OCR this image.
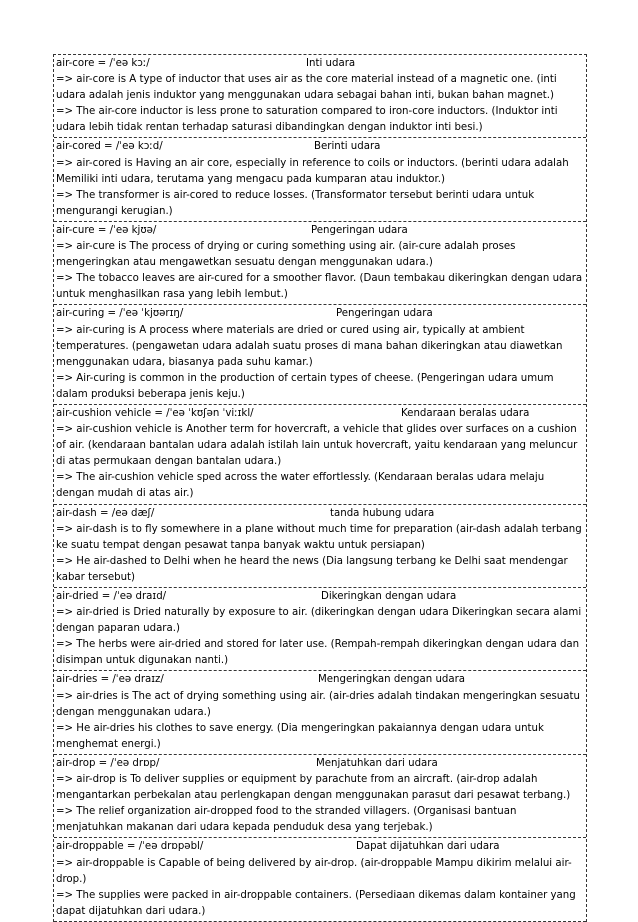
air-core = /ˈeə kɔː/	Inti udara
=> air-core is A type of inductor that uses air as the core material instead of a magnetic one. (inti udara adalah jenis induktor yang menggunakan udara sebagai bahan inti, bukan bahan magnet.)
=> The air-core inductor is less prone to saturation compared to iron-core inductors. (Induktor inti udara lebih tidak rentan terhadap saturasi dibandingkan dengan induktor inti besi.)
air-cored = /ˈeə kɔːd/	Berinti udara
=> air-cored is Having an air core, especially in reference to coils or inductors. (berinti udara adalah Memiliki inti udara, terutama yang mengacu pada kumparan atau induktor.)
=> The transformer is air-cored to reduce losses. (Transformator tersebut berinti udara untuk mengurangi kerugian.)
air-cure = /ˈeə kjʊə/	Pengeringan udara
=> air-cure is The process of drying or curing something using air. (air-cure adalah proses mengeringkan atau mengawetkan sesuatu dengan menggunakan udara.)
=> The tobacco leaves are air-cured for a smoother flavor. (Daun tembakau dikeringkan dengan udara untuk menghasilkan rasa yang lebih lembut.)
air-curing = /ˈeə ˈkjʊərɪŋ/	Pengeringan udara
=> air-curing is A process where materials are dried or cured using air, typically at ambient temperatures. (pengawetan udara adalah suatu proses di mana bahan dikeringkan atau diawetkan menggunakan udara, biasanya pada suhu kamar.)
=> Air-curing is common in the production of certain types of cheese. (Pengeringan udara umum dalam produksi beberapa jenis keju.)
air-cushion vehicle = /ˈeə ˈkʊʃən ˈviːɪkl/	Kendaraan beralas udara
=> air-cushion vehicle is Another term for hovercraft, a vehicle that glides over surfaces on a cushion of air. (kendaraan bantalan udara adalah istilah lain untuk hovercraft, yaitu kendaraan yang meluncur di atas permukaan dengan bantalan udara.)
=> The air-cushion vehicle sped across the water effortlessly. (Kendaraan beralas udara melaju dengan mudah di atas air.)
air-dash = /eə dæʃ/	tanda hubung udara
=> air-dash is to fly somewhere in a plane without much time for preparation (air-dash adalah terbang ke suatu tempat dengan pesawat tanpa banyak waktu untuk persiapan)
=> He air-dashed to Delhi when he heard the news (Dia langsung terbang ke Delhi saat mendengar kabar tersebut)
air-dried = /ˈeə draɪd/	Dikeringkan dengan udara
=> air-dried is Dried naturally by exposure to air. (dikeringkan dengan udara Dikeringkan secara alami dengan paparan udara.)
=> The herbs were air-dried and stored for later use. (Rempah-rempah dikeringkan dengan udara dan disimpan untuk digunakan nanti.)
air-dries = /ˈeə draɪz/	Mengeringkan dengan udara
=> air-dries is The act of drying something using air. (air-dries adalah tindakan mengeringkan sesuatu dengan menggunakan udara.)
=> He air-dries his clothes to save energy. (Dia mengeringkan pakaiannya dengan udara untuk menghemat energi.)
air-drop = /ˈeə drɒp/	Menjatuhkan dari udara
=> air-drop is To deliver supplies or equipment by parachute from an aircraft. (air-drop adalah mengantarkan perbekalan atau perlengkapan dengan menggunakan parasut dari pesawat terbang.)
=> The relief organization air-dropped food to the stranded villagers. (Organisasi bantuan menjatuhkan makanan dari udara kepada penduduk desa yang terjebak.)
air-droppable = /ˈeə drɒpəbl/	Dapat dijatuhkan dari udara
=> air-droppable is Capable of being delivered by air-drop. (air-droppable Mampu dikirim melalui air-drop.)
=> The supplies were packed in air-droppable containers. (Persediaan dikemas dalam kontainer yang dapat dijatuhkan dari udara.)
